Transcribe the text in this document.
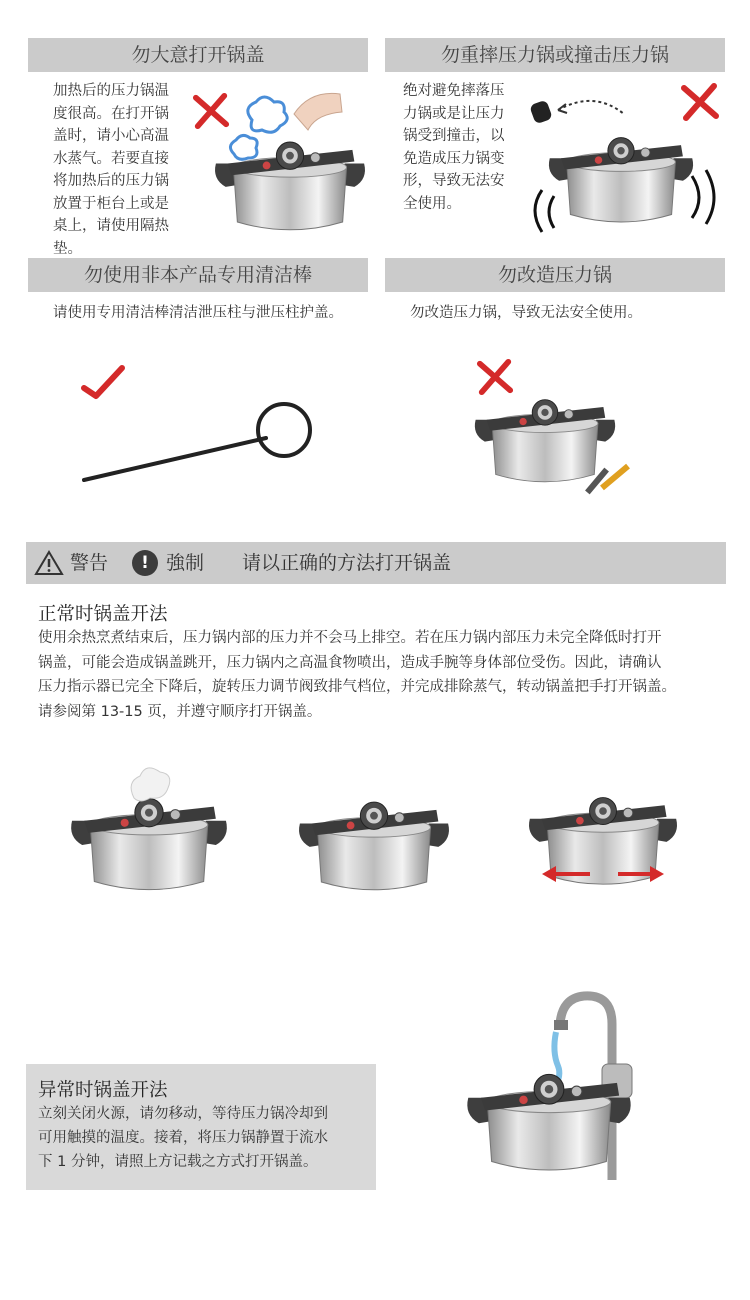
勿大意打开锅盖
加热后的压力锅温
度很高。在打开锅
盖时，请小心高温
水蒸气。若要直接
将加热后的压力锅
放置于柜台上或是
桌上，请使用隔热
垫。
勿重摔压力锅或撞击压力锅
绝对避免摔落压
力锅或是让压力
锅受到撞击，以
免造成压力锅变
形，导致无法安
全使用。
勿使用非本产品专用清洁棒
请使用专用清洁棒清洁泄压柱与泄压柱护盖。
勿改造压力锅
勿改造压力锅，导致无法安全使用。
警告	! 強制 请以正确的方法打开锅盖
正常时锅盖开法
使用余热烹煮结束后，压力锅内部的压力并不会马上排空。若在压力锅内部压力未完全降低时打开
锅盖，可能会造成锅盖跳开，压力锅内之高温食物喷出，造成手腕等身体部位受伤。因此，请确认
压力指示器已完全下降后，旋转压力调节阀致排气档位，并完成排除蒸气，转动锅盖把手打开锅盖。
请参阅第 13-15 页，并遵守顺序打开锅盖。
异常时锅盖开法
立刻关闭火源，请勿移动，等待压力锅冷却到
可用触摸的温度。接着，将压力锅静置于流水
下 1 分钟，请照上方记载之方式打开锅盖。
